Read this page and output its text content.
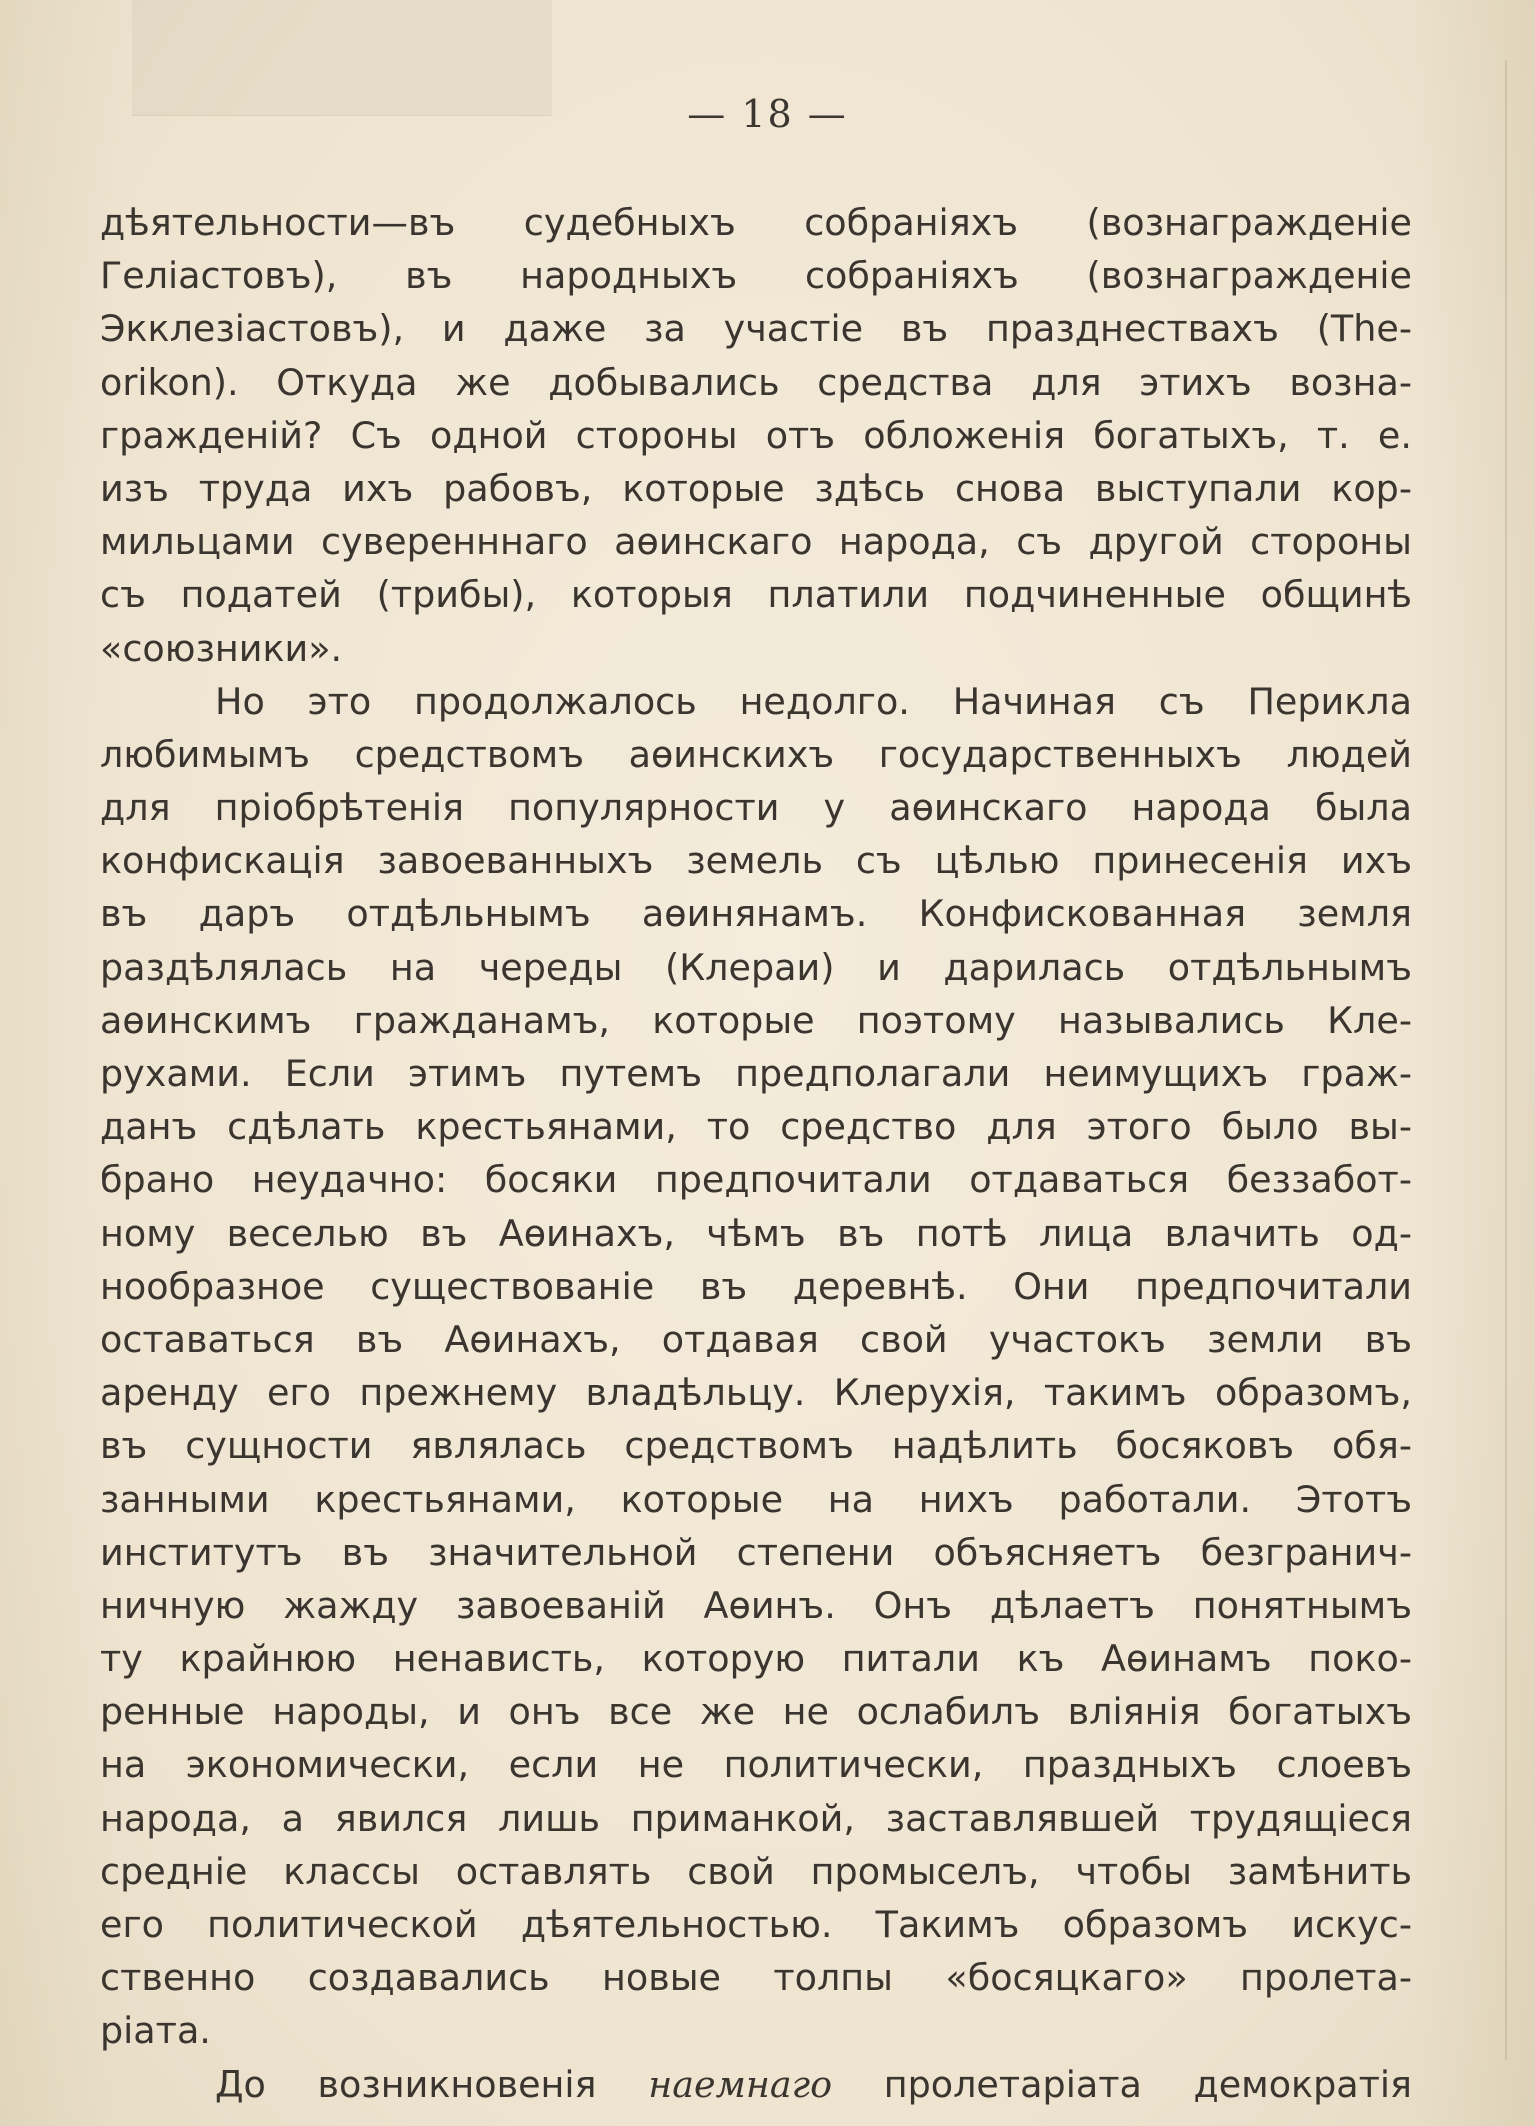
— 18 —
дѣятельности—въ судебныхъ собраніяхъ (вознагражденіе
Геліастовъ), въ народныхъ собраніяхъ (вознагражденіе
Экклезіастовъ), и даже за участіе въ празднествахъ (The-
orikon). Откуда же добывались средства для этихъ возна-
гражденій? Съ одной стороны отъ обложенія богатыхъ, т. е.
изъ труда ихъ рабовъ, которые здѣсь снова выступали кор-
мильцами суверенннаго аѳинскаго народа, съ другой стороны
съ податей (трибы), которыя платили подчиненные общинѣ
«союзники».
Но это продолжалось недолго. Начиная съ Перикла
любимымъ средствомъ аѳинскихъ государственныхъ людей
для пріобрѣтенія популярности у аѳинскаго народа была
конфискація завоеванныхъ земель съ цѣлью принесенія ихъ
въ даръ отдѣльнымъ аѳинянамъ. Конфискованная земля
раздѣлялась на череды (Клераи) и дарилась отдѣльнымъ
аѳинскимъ гражданамъ, которые поэтому назывались Кле-
рухами. Если этимъ путемъ предполагали неимущихъ граж-
данъ сдѣлать крестьянами, то средство для этого было вы-
брано неудачно: босяки предпочитали отдаваться беззабот-
ному веселью въ Аѳинахъ, чѣмъ въ потѣ лица влачить од-
нообразное существованіе въ деревнѣ. Они предпочитали
оставаться въ Аѳинахъ, отдавая свой участокъ земли въ
аренду его прежнему владѣльцу. Клерухія, такимъ образомъ,
въ сущности являлась средствомъ надѣлить босяковъ обя-
занными крестьянами, которые на нихъ работали. Этотъ
институтъ въ значительной степени объясняетъ безгранич-
ничную жажду завоеваній Аѳинъ. Онъ дѣлаетъ понятнымъ
ту крайнюю ненависть, которую питали къ Аѳинамъ поко-
ренные народы, и онъ все же не ослабилъ вліянія богатыхъ
на экономически, если не политически, праздныхъ слоевъ
народа, а явился лишь приманкой, заставлявшей трудящіеся
средніе классы оставлять свой промыселъ, чтобы замѣнить
его политической дѣятельностью. Такимъ образомъ искус-
ственно создавались новые толпы «босяцкаго» пролета-
ріата.
До возникновенія наемнаго пролетаріата демократія
